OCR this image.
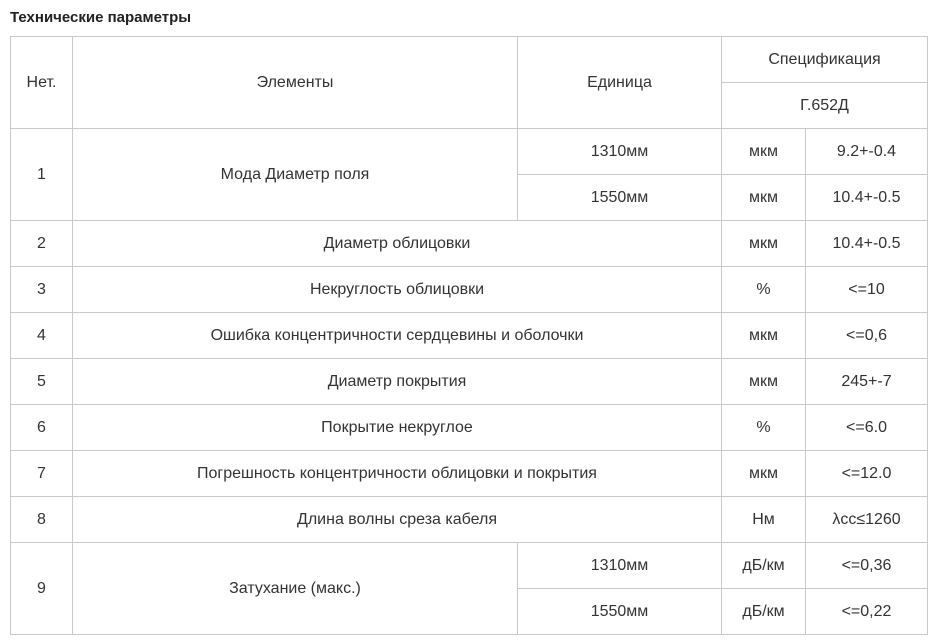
Технические параметры
Нет.	Элементы	Единица	Спецификация	
			Г.652Д	
1	Мода Диаметр поля	1310мм	мкм	9.2+-0.4
		1550мм	мкм	10.4+-0.5
2	Диаметр облицовки		мкм	10.4+-0.5
3	Некруглость облицовки		%	<=10
4	Ошибка концентричности сердцевины и оболочки		мкм	<=0,6
5	Диаметр покрытия		мкм	245+-7
6	Покрытие некруглое		%	<=6.0
7	Погрешность концентричности облицовки и покрытия		мкм	<=12.0
8	Длина волны среза кабеля		Нм	λcc≤1260
9	Затухание (макс.)	1310мм	дБ/км	<=0,36
		1550мм	дБ/км	<=0,22
